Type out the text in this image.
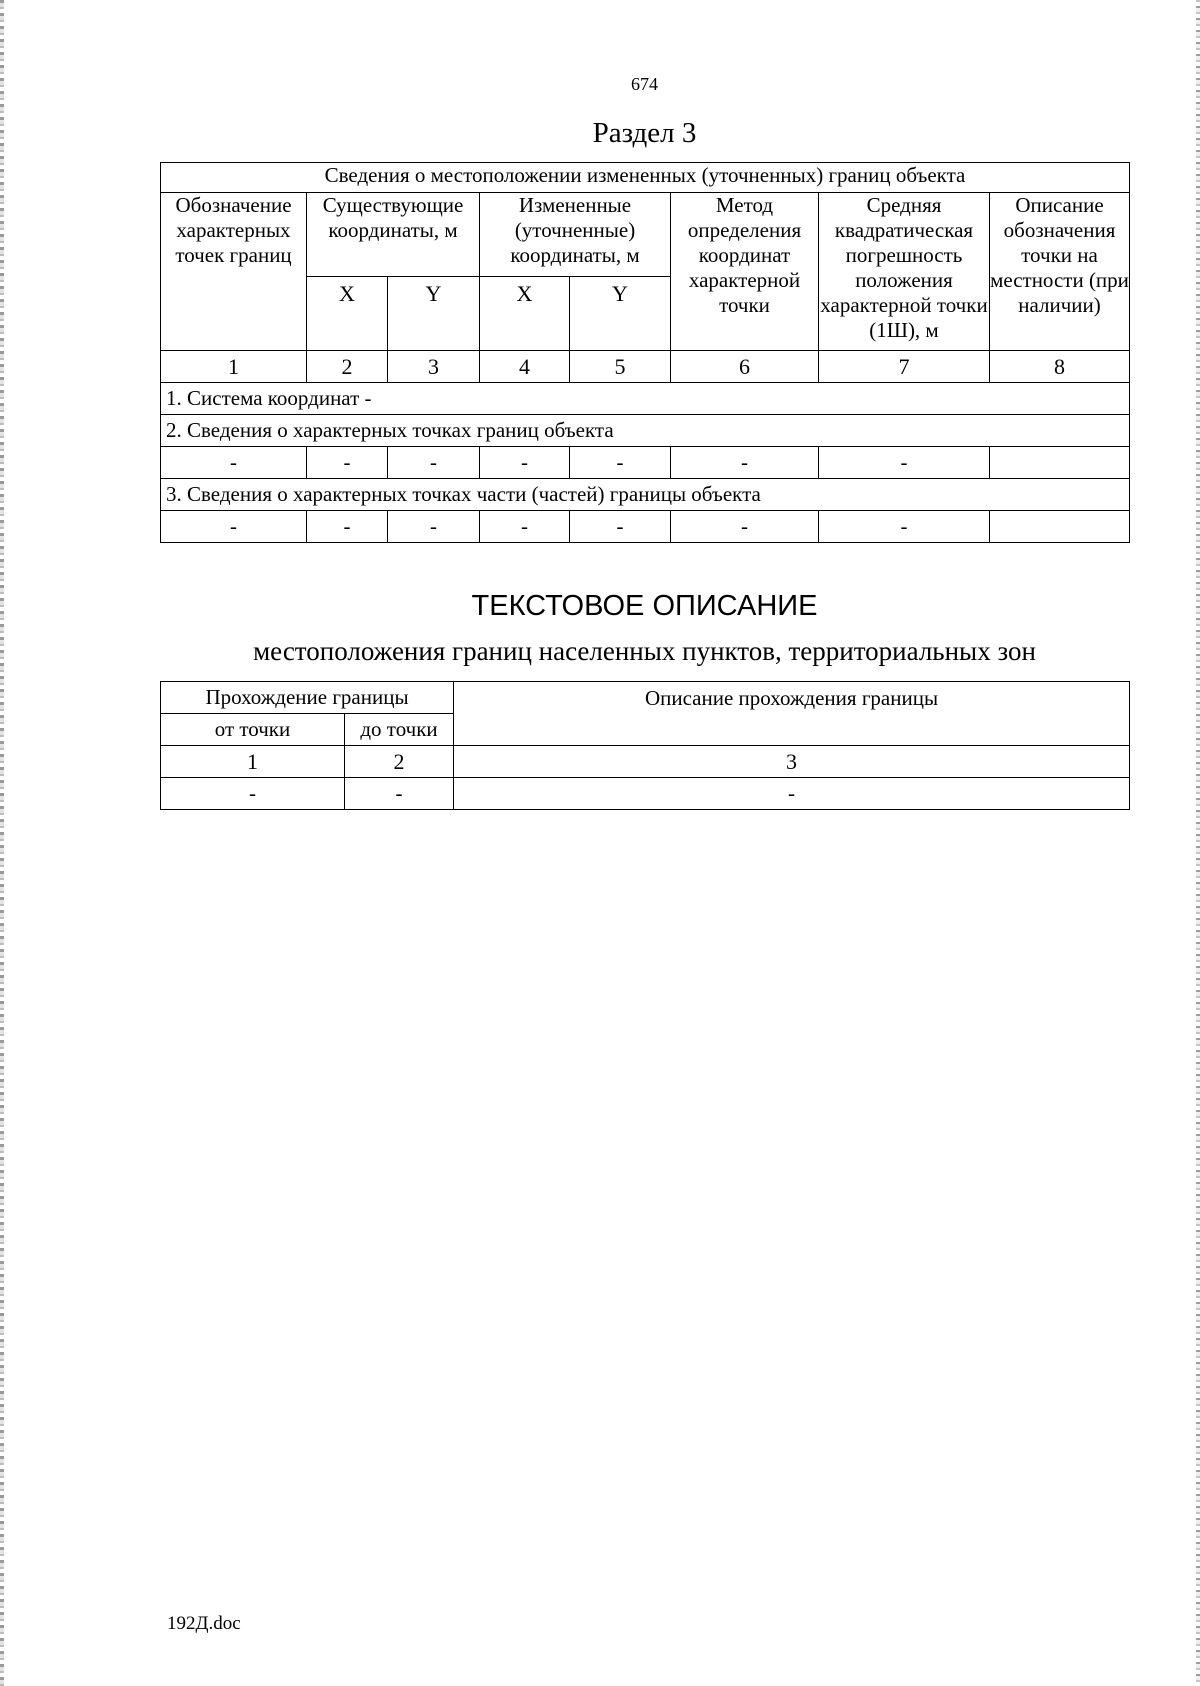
674
Раздел 3
Сведения о местоположении измененных (уточненных) границ объекта							
Обозначение характерных точек границ	Существующие координаты, м		Измененные (уточненные) координаты, м		Метод определения координат характерной точки	Средняя квадратическая погрешность положения характерной точки (1Ш), м	Описание обозначения точки на местности (при наличии)
	X	Y	X	Y			
1	2	3	4	5	6	7	8
1. Система координат -							
2. Сведения о характерных точках границ объекта							
-	-	-	-	-	-	-	
3. Сведения о характерных точках части (частей) границы объекта							
-	-	-	-	-	-	-	
ТЕКСТОВОЕ ОПИСАНИЕ
местоположения границ населенных пунктов, территориальных зон
Прохождение границы		Описание прохождения границы
от точки	до точки	
1	2	3
-	-	-
192Д.doc
